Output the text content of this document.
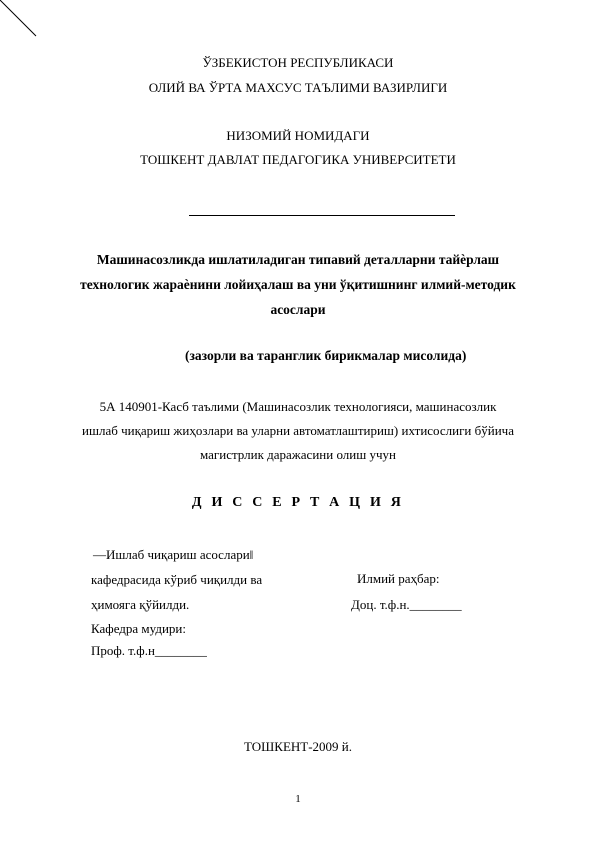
ЎЗБЕКИСТОН РЕСПУБЛИКАСИ
ОЛИЙ ВА ЎРТА МАХСУС ТАЪЛИМИ ВАЗИРЛИГИ
НИЗОМИЙ НОМИДАГИ
ТОШКЕНТ ДАВЛАТ ПЕДАГОГИКА УНИВЕРСИТЕТИ
Машинасозликда ишлатиладиган типавий деталларни тайѐрлаш
технологик жараѐнини лойиҳалаш ва уни ўқитишнинг илмий-методик
асослари
(зазорли ва таранглик бирикмалар мисолида)
5А 140901-Касб таълими (Машинасозлик технологияси, машинасозлик
ишлаб чиқариш жиҳозлари ва уларни автоматлаштириш) ихтисослиги бўйича
магистрлик даражасини олиш учун
Д И С С Е Р Т А Ц И Я
―Ишлаб чиқариш асослари‖
кафедрасида кўриб чиқилди ва
ҳимояга қўйилди.
Кафедра мудири:
Проф. т.ф.н________
Илмий раҳбар:
Доц. т.ф.н.________
ТОШКЕНТ-2009 й.
1
